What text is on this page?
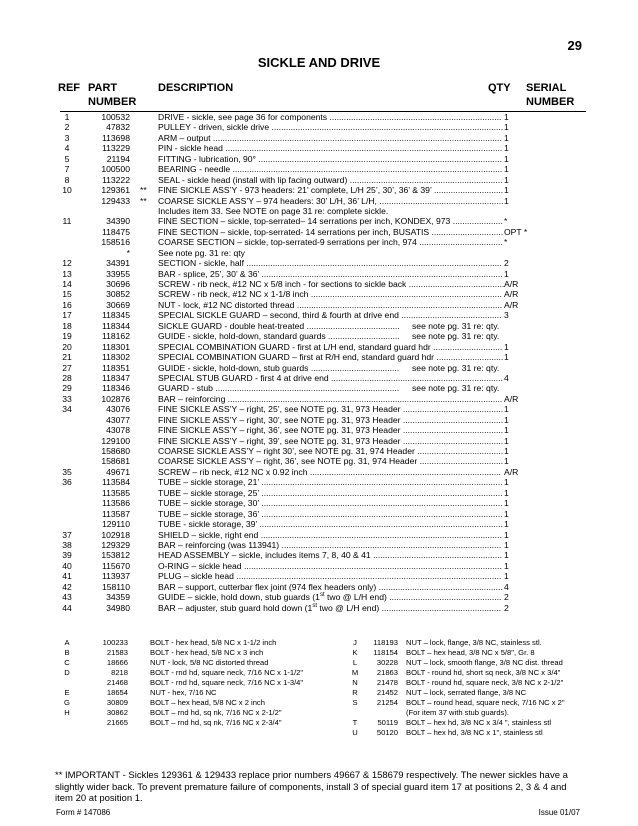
29
SICKLE AND DRIVE
REF PART
NUMBER
DESCRIPTION	QTY SERIAL
NUMBER
1	100532	DRIVE - sickle, see page 36 for components ........................................................................ 1
2	47832	PULLEY - driven, sickle drive ................................................................................................. 1
3	113698	ARM – output ......................................................................................................................... 1
4	113229	PIN - sickle head .................................................................................................................... 1
5	21194	FITTING - lubrication, 90° ...................................................................................................... 1
7	100500	BEARING - needle ................................................................................................................. 1
8	113222	SEAL - sickle head (install with lip facing outward) ................................................................ 1
10	129361 ** FINE SICKLE ASS’Y - 973 headers: 21’ complete, L/H 25’, 30’, 36’ & 39’ ............................. 1
129433 ** COARSE SICKLE ASS’Y – 974 headers: 30’ L/H, 36’ L/H, .................................................... 1
Includes item 33. See NOTE on page 31 re: complete sickle.
11	34390	FINE SECTION – sickle, top-serrated– 14 serrations per inch, KONDEX, 973 ..................... *
118475	FINE SECTION – sickle, top-serrated- 14 serrations per inch, BUSATIS .............................. OPT *
158516	COARSE SECTION – sickle, top-serrated-9 serrations per inch, 974 ................................... *
*	See note pg. 31 re: qty
12	34391	SECTION - sickle, half ........................................................................................................... 2
13	33955	BAR - splice, 25’, 30’ & 36’ ..................................................................................................... 1
14	30696	SCREW - rib neck, #12 NC x 5/8 inch - for sections to sickle back ........................................ A/R
15	30852	SCREW - rib neck, #12 NC x 1-1/8 inch ................................................................................ A/R
16	30669	NUT - lock, #12 NC distorted thread ...................................................................................... A/R
17	118345	SPECIAL SICKLE GUARD – second, third & fourth at drive end .......................................... 3
18	118344	SICKLE GUARD - double heat-treated ....................................... see note pg. 31 re: qty.
19	118162	GUIDE - sickle, hold-down, standard guards .............................. see note pg. 31 re: qty.
20	118301	SPECIAL COMBINATION GUARD - first at L/H end, standard guard hdr ............................. 1
21	118302	SPECIAL COMBINATION GUARD – first at R/H end, standard guard hdr ............................ 1
27	118351	GUIDE - sickle, hold-down, stub guards ..................................... see note pg. 31 re: qty.
28	118347	SPECIAL STUB GUARD - first 4 at drive end ........................................................................ 4
29	118346	GUARD - stub ............................................................................. see note pg. 31 re: qty.
33	102876	BAR – reinforcing ................................................................................................................... A/R
34	43076	FINE SICKLE ASS’Y – right, 25’, see NOTE pg. 31, 973 Header .......................................... 1
43077	FINE SICKLE ASS’Y – right, 30’, see NOTE pg. 31, 973 Header .......................................... 1
43078	FINE SICKLE ASS’Y – right, 36’, see NOTE pg. 31, 973 Header .......................................... 1
129100	FINE SICKLE ASS’Y – right, 39’, see NOTE pg. 31, 973 Header .......................................... 1
158680	COARSE SICKLE ASS’Y – right 30’, see NOTE pg. 31, 974 Header .................................... 1
158681	COARSE SICKLE ASS’Y – right, 36’, see NOTE pg. 31, 974 Header ................................... 1
35	49671	SCREW – rib neck, #12 NC x 0.92 inch ................................................................................ A/R
36	113584	TUBE – sickle storage, 21’ ..................................................................................................... 1
113585	TUBE – sickle storage, 25’ ..................................................................................................... 1
113586	TUBE – sickle storage, 30’ ..................................................................................................... 1
113587	TUBE – sickle storage, 36’ ..................................................................................................... 1
129110	TUBE - sickle storage, 39’ ...................................................................................................... 1
37	102918	SHIELD – sickle, right end ..................................................................................................... 1
38	129329	BAR – reinforcing (was 113941) ............................................................................................ 1
39	153812	HEAD ASSEMBLY – sickle, includes items 7, 8, 40 & 41 ...................................................... 1
40	115670	O-RING – sickle head ............................................................................................................ 1
41	113937	PLUG – sickle head ............................................................................................................... 1
42	158110	BAR – support, cutterbar flex joint (974 flex headers only) .................................................... 4
43	34359	GUIDE – sickle, hold down, stub guards (1st two @ L/H end) ............................................... 2
44	34980	BAR – adjuster, stub guard hold down (1st two @ L/H end) .................................................. 2
A	100233	BOLT - hex head, 5/8 NC x 1-1/2 inch	J	118193 NUT – lock, flange, 3/8 NC, stainless stl.
B	21583	BOLT - hex head, 5/8 NC x 3 inch	K	118154 BOLT – hex head, 3/8 NC x 5/8", Gr. 8
C	18666	NUT - lock, 5/8 NC distorted thread	L	30228 NUT – lock, smooth flange, 3/8 NC dist. thread
D	8218	BOLT - rnd hd, square neck, 7/16 NC x 1-1/2"	M	21863 BOLT - round hd, short sq neck, 3/8 NC x 3/4"
21468	BOLT - rnd hd, square neck, 7/16 NC x 1-3/4"	N	21478 BOLT - round hd, square neck, 3/8 NC x 2-1/2"
E	18654	NUT - hex, 7/16 NC	R	21452 NUT – lock, serrated flange, 3/8 NC
G	30809	BOLT – hex head, 5/8 NC x 2 inch	S	21254 BOLT – round head, square neck, 7/16 NC x 2"
H	30862	BOLT – rnd hd, sq nk, 7/16 NC x 2-1/2"	(For item 37 with stub guards).
21665	BOLT – rnd hd, sq nk, 7/16 NC x 2-3/4"	T	50119 BOLT – hex hd, 3/8 NC x 3/4 ", stainless stl
U	50120 BOLT – hex hd, 3/8 NC x 1", stainless stl
** IMPORTANT - Sickles 129361 & 129433 replace prior numbers 49667 & 158679 respectively. The newer sickles have a slightly wider back. To prevent premature failure of components, install 3 of special guard item 17 at positions 2, 3 & 4 and item 20 at position 1.
Form # 147086	Issue 01/07
